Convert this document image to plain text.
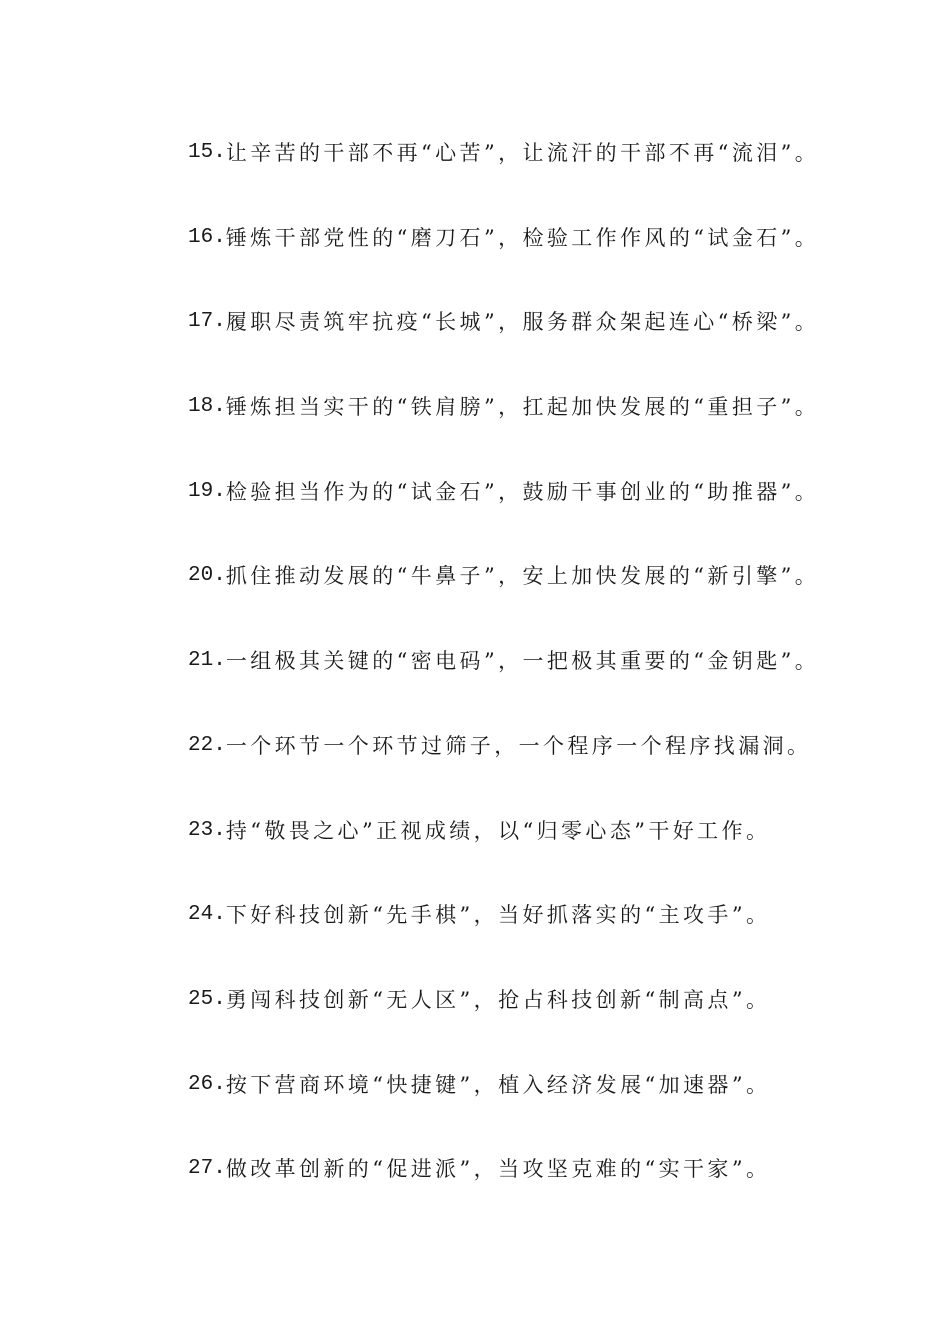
15. 让辛苦的干部不再“心苦”，让流汗的干部不再“流泪”。
16. 锤炼干部党性的“磨刀石”，检验工作作风的“试金石”。
17. 履职尽责筑牢抗疫“长城”，服务群众架起连心“桥梁”。
18. 锤炼担当实干的“铁肩膀”，扛起加快发展的“重担子”。
19. 检验担当作为的“试金石”，鼓励干事创业的“助推器”。
20. 抓住推动发展的“牛鼻子”，安上加快发展的“新引擎”。
21. 一组极其关键的“密电码”，一把极其重要的“金钥匙”。
22. 一个环节一个环节过筛子，一个程序一个程序找漏洞。
23. 持“敬畏之心”正视成绩，以“归零心态”干好工作。
24. 下好科技创新“先手棋”，当好抓落实的“主攻手”。
25. 勇闯科技创新“无人区”，抢占科技创新“制高点”。
26. 按下营商环境“快捷键”，植入经济发展“加速器”。
27. 做改革创新的“促进派”，当攻坚克难的“实干家”。
